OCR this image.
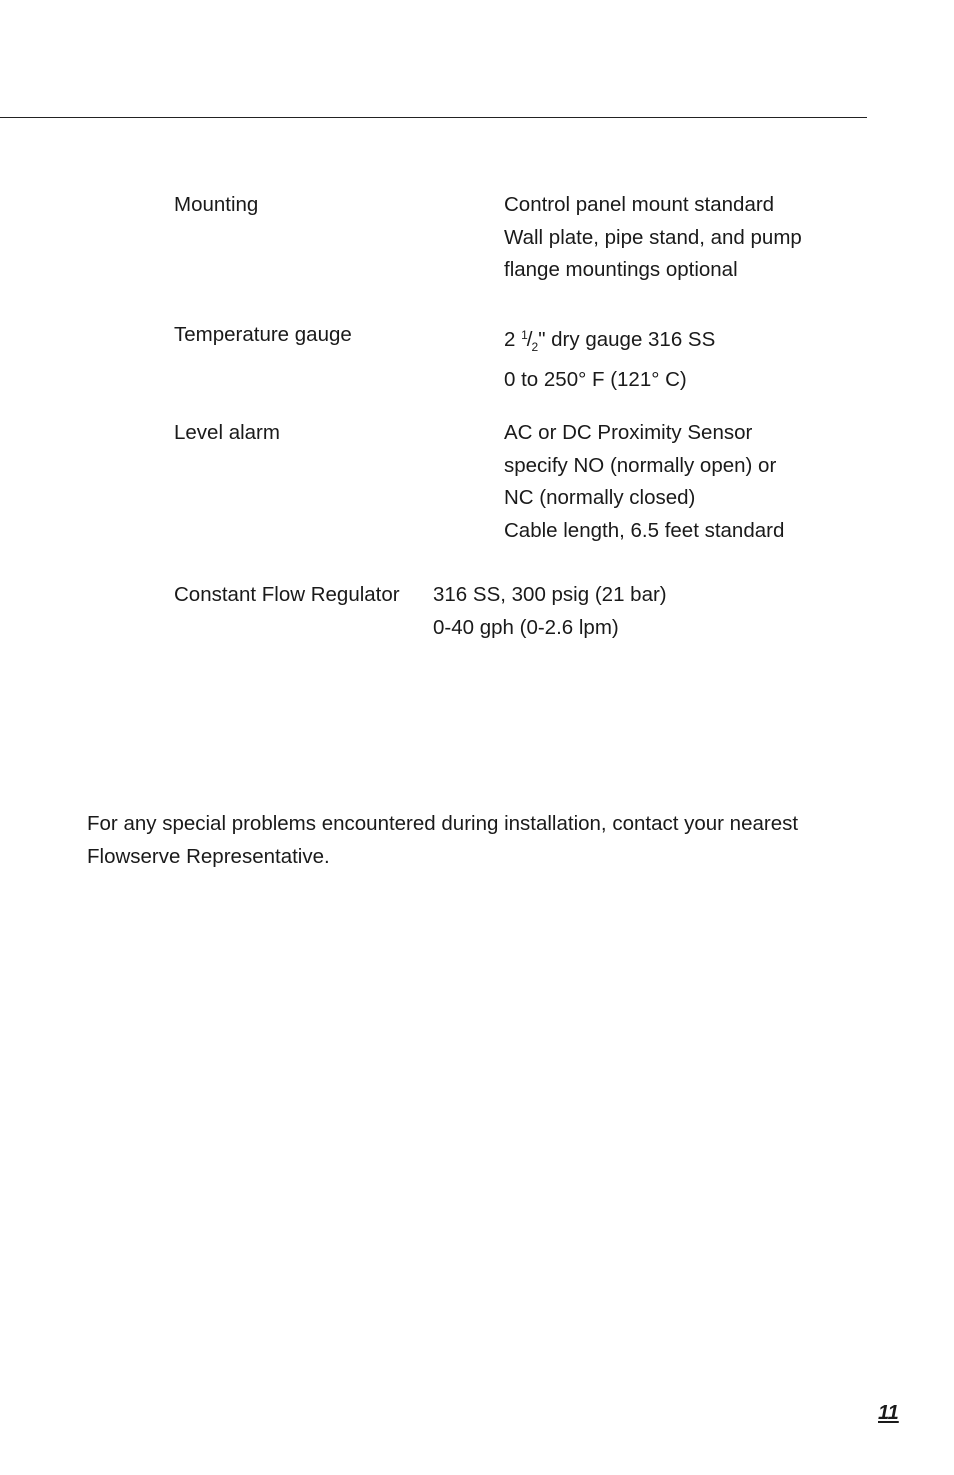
Mounting	Control panel mount standard
Wall plate, pipe stand, and pump
flange mountings optional
Temperature gauge	2 $^1/_2$" dry gauge 316 SS
0 to 250° F (121° C)
Level alarm	AC or DC Proximity Sensor
specify NO (normally open) or
NC (normally closed)
Cable length, 6.5 feet standard
Constant Flow Regulator 316 SS, 300 psig (21 bar)
0-40 gph (0-2.6 lpm)
For any special problems encountered during installation, contact your nearest
Flowserve Representative.
11
